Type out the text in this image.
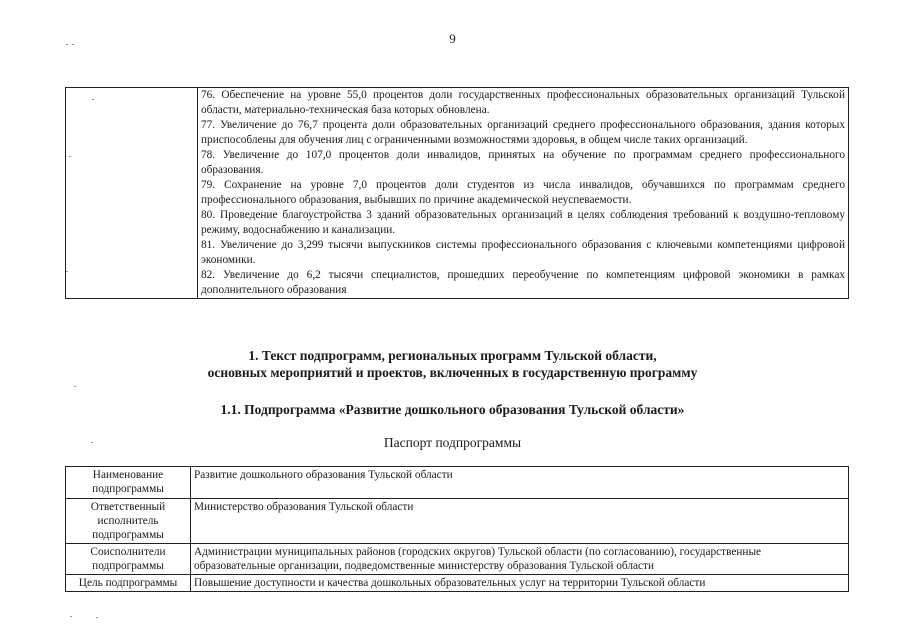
9

76. Обеспечение на уровне 55,0 процентов доли государственных профессиональных образовательных организаций Тульской области, материально-техническая база которых обновлена.

77. Увеличение до 76,7 процента доли образовательных организаций среднего профессионального образования, здания которых приспособлены для обучения лиц с ограниченными возможностями здоровья, в общем числе таких организаций.

78. Увеличение до 107,0 процентов доли инвалидов, принятых на обучение по программам среднего профессионального образования.

79. Сохранение на уровне 7,0 процентов доли студентов из числа инвалидов, обучавшихся по программам среднего профессионального образования, выбывших по причине академической неуспеваемости.

80. Проведение благоустройства 3 зданий образовательных организаций в целях соблюдения требований к воздушно-тепловому режиму, водоснабжению и канализации.

81. Увеличение до 3,299 тысячи выпускников системы профессионального образования с ключевыми компетенциями цифровой экономики.

82. Увеличение до 6,2 тысячи специалистов, прошедших переобучение по компетенциям цифровой экономики в рамках дополнительного образования

1. Текст подпрограмм, региональных программ Тульской области,
основных мероприятий и проектов, включенных в государственную программу
1.1. Подпрограмма «Развитие дошкольного образования Тульской области»
Паспорт подпрограммы
Наименование подпрограммы	Развитие дошкольного образования Тульской области
Ответственный исполнитель подпрограммы	Министерство образования Тульской области
Соисполнители подпрограммы	Администрации муниципальных районов (городских округов) Тульской области (по согласованию), государственные образовательные организации, подведомственные министерству образования Тульской области
Цель подпрограммы	Повышение доступности и качества дошкольных образовательных услуг на территории Тульской области
